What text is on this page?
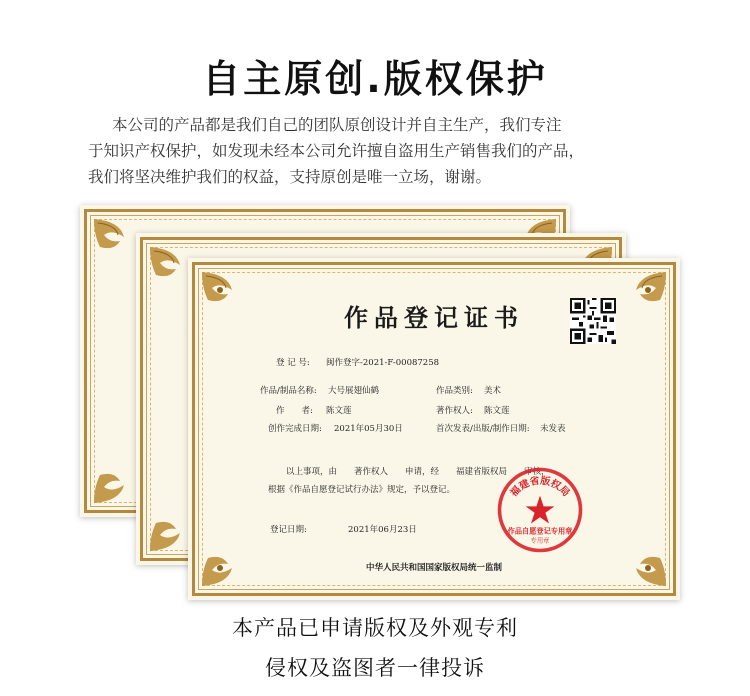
自主原创.版权保护
本公司的产品都是我们自己的团队原创设计并自主生产，我们专注
于知识产权保护，如发现未经本公司允许擅自盗用生产销售我们的产品，
我们将坚决维护我们的权益，支持原创是唯一立场，谢谢。
作品登记证书
登 记 号: 闽作登字-2021-F-00087258
作品/制品名称: 大号展翅仙鹤	作品类别: 美术
作　　者: 陈文莲	著作权人: 陈文莲
创作完成日期: 2021年05月30日	首次发表/出版/制作日期: 未发表
以上事项，由　　著作权人　　申请，经　　福建省版权局　　审核，
根据《作品自愿登记试行办法》规定，予以登记。
登记日期:	2021年06月23日
中华人民共和国国家版权局统一监制
福建省版权局
作品自愿登记专用章
专用章
本产品已申请版权及外观专利
侵权及盗图者一律投诉
